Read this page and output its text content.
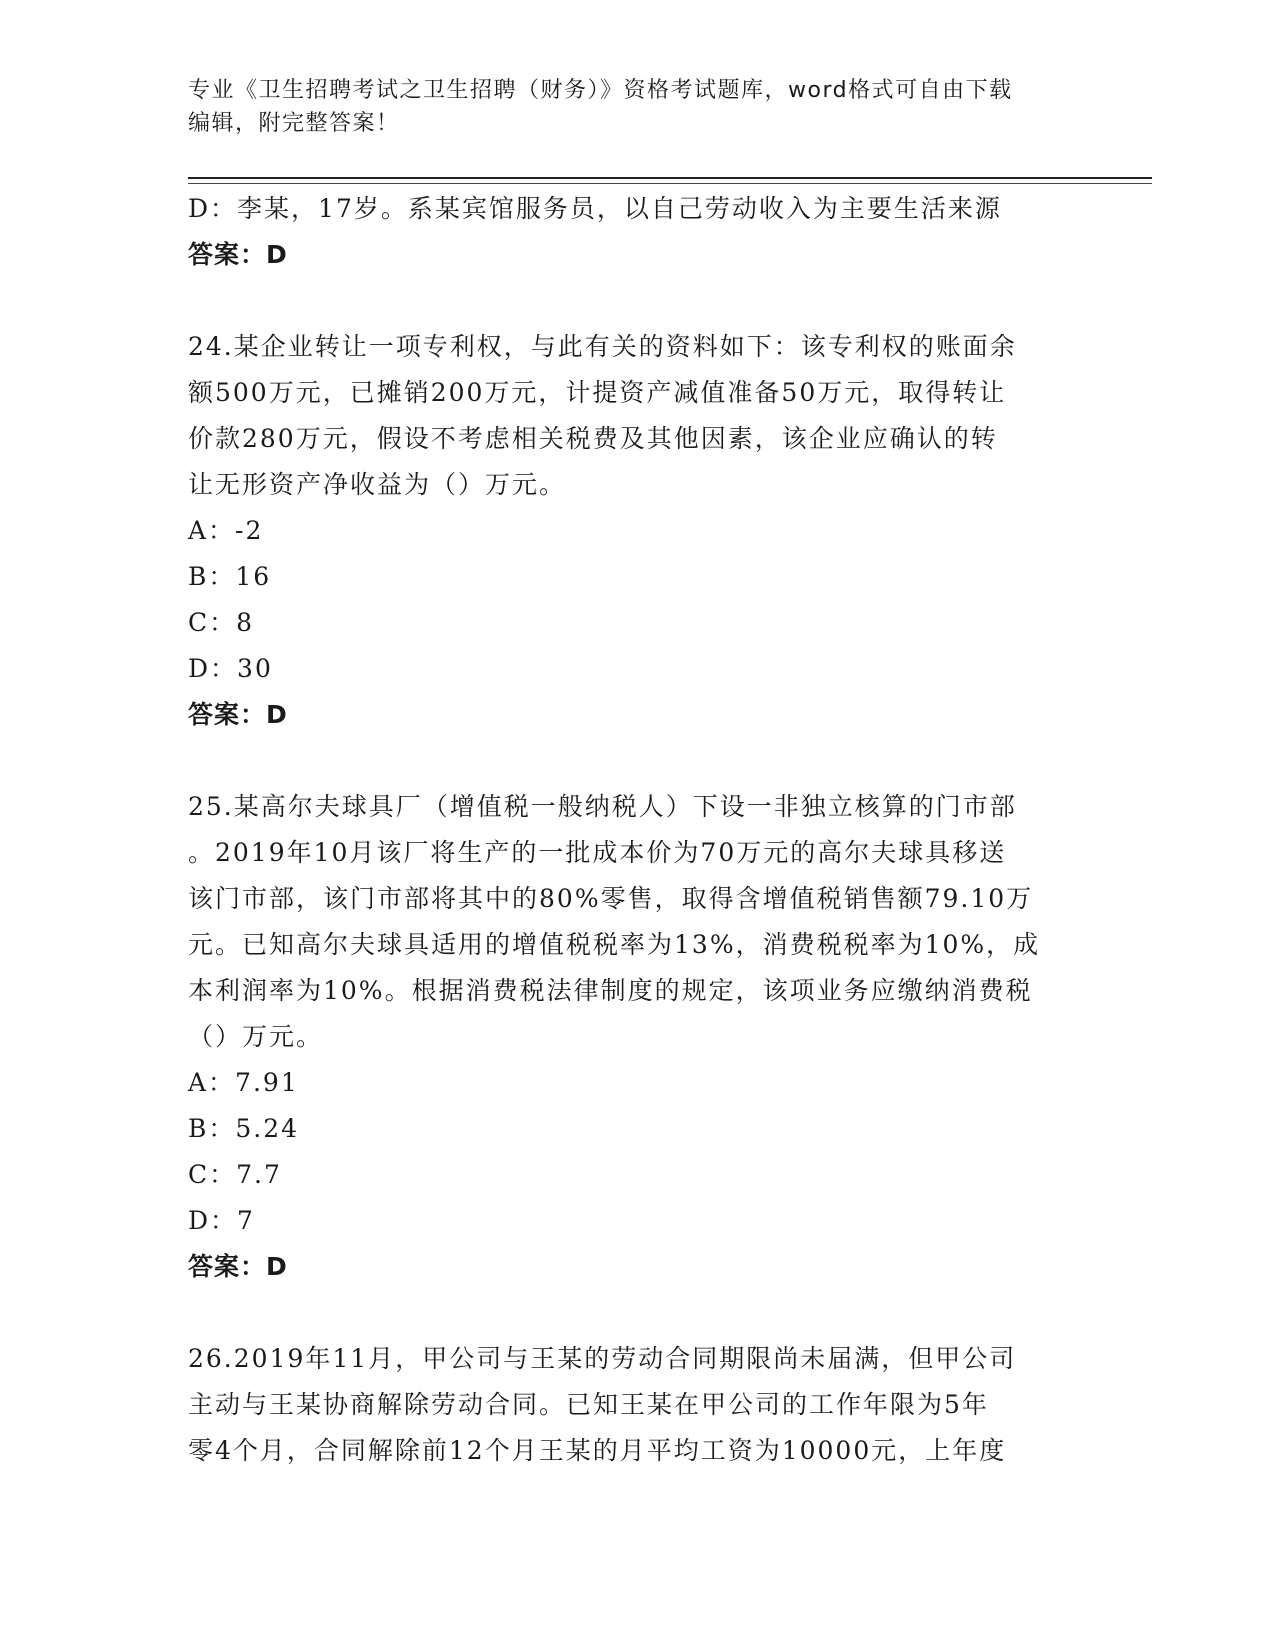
专业《卫生招聘考试之卫生招聘（财务）》资格考试题库，word格式可自由下载
编辑，附完整答案！
D：李某，17岁。系某宾馆服务员，以自己劳动收入为主要生活来源
答案：D
24.某企业转让一项专利权，与此有关的资料如下：该专利权的账面余
额500万元，已摊销200万元，计提资产减值准备50万元，取得转让
价款280万元，假设不考虑相关税费及其他因素，该企业应确认的转
让无形资产净收益为（）万元。
A：-2
B：16
C：8
D：30
答案：D
25.某高尔夫球具厂（增值税一般纳税人）下设一非独立核算的门市部
。2019年10月该厂将生产的一批成本价为70万元的高尔夫球具移送
该门市部，该门市部将其中的80%零售，取得含增值税销售额79.10万
元。已知高尔夫球具适用的增值税税率为13%，消费税税率为10%，成
本利润率为10%。根据消费税法律制度的规定，该项业务应缴纳消费税
（）万元。
A：7.91
B：5.24
C：7.7
D：7
答案：D
26.2019年11月，甲公司与王某的劳动合同期限尚未届满，但甲公司
主动与王某协商解除劳动合同。已知王某在甲公司的工作年限为5年
零4个月，合同解除前12个月王某的月平均工资为10000元，上年度
